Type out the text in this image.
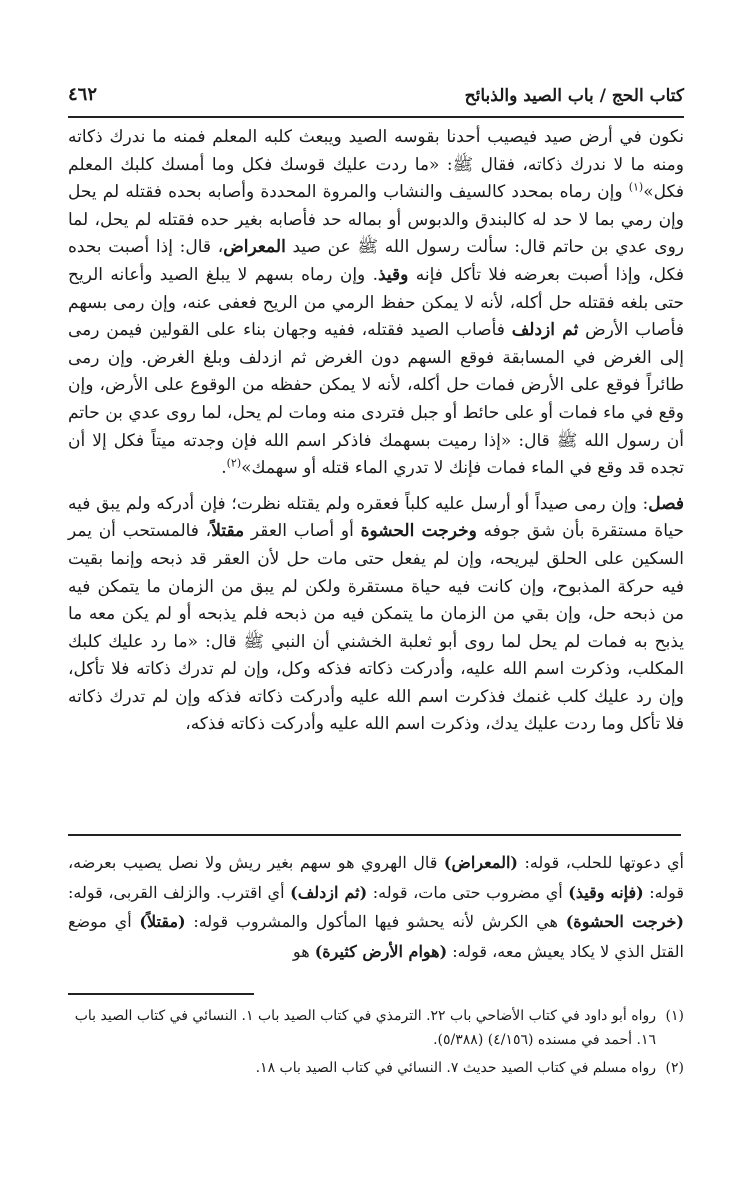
كتاب الحج / باب الصيد والذبائح
٤٦٢

نكون في أرض صيد فيصيب أحدنا بقوسه الصيد ويبعث كلبه المعلم فمنه ما ندرك ذكاته ومنه ما لا ندرك ذكاته، فقال ﷺ: «ما ردت عليك قوسك فكل وما أمسك كلبك المعلم فكل»$^{(١)}$ وإن رماه بمحدد كالسيف والنشاب والمروة المحددة وأصابه بحده فقتله لم يحل وإن رمي بما لا حد له كالبندق والدبوس أو بماله حد فأصابه بغير حده فقتله لم يحل، لما روى عدي بن حاتم قال: سألت رسول الله ﷺ عن صيد المعراض، قال: إذا أصبت بحده فكل، وإذا أصبت بعرضه فلا تأكل فإنه وقيذ. وإن رماه بسهم لا يبلغ الصيد وأعانه الريح حتى بلغه فقتله حل أكله، لأنه لا يمكن حفظ الرمي من الريح فعفى عنه، وإن رمى بسهم فأصاب الأرض ثم ازدلف فأصاب الصيد فقتله، ففيه وجهان بناء على القولين فيمن رمى إلى الغرض في المسابقة فوقع السهم دون الغرض ثم ازدلف وبلغ الغرض. وإن رمى طائراً فوقع على الأرض فمات حل أكله، لأنه لا يمكن حفظه من الوقوع على الأرض، وإن وقع في ماء فمات أو على حائط أو جبل فتردى منه ومات لم يحل، لما روى عدي بن حاتم أن رسول الله ﷺ قال: «إذا رميت بسهمك فاذكر اسم الله فإن وجدته ميتاً فكل إلا أن تجده قد وقع في الماء فمات فإنك لا تدري الماء قتله أو سهمك»$^{(٢)}$.

فصل: وإن رمى صيداً أو أرسل عليه كلباً فعقره ولم يقتله نظرت؛ فإن أدركه ولم يبق فيه حياة مستقرة بأن شق جوفه وخرجت الحشوة أو أصاب العقر مقتلاً، فالمستحب أن يمر السكين على الحلق ليريحه، وإن لم يفعل حتى مات حل لأن العقر قد ذبحه وإنما بقيت فيه حركة المذبوح، وإن كانت فيه حياة مستقرة ولكن لم يبق من الزمان ما يتمكن فيه من ذبحه حل، وإن بقي من الزمان ما يتمكن فيه من ذبحه فلم يذبحه أو لم يكن معه ما يذبح به فمات لم يحل لما روى أبو ثعلبة الخشني أن النبي ﷺ قال: «ما رد عليك كلبك المكلب، وذكرت اسم الله عليه، وأدركت ذكاته فذكه وكل، وإن لم تدرك ذكاته فلا تأكل، وإن رد عليك كلب غنمك فذكرت اسم الله عليه وأدركت ذكاته فذكه وإن لم تدرك ذكاته فلا تأكل وما ردت عليك يدك، وذكرت اسم الله عليه وأدركت ذكاته فذكه،

أي دعوتها للحلب، قوله: (المعراض) قال الهروي هو سهم بغير ريش ولا نصل يصيب بعرضه، قوله: (فإنه وقيذ) أي مضروب حتى مات، قوله: (ثم ازدلف) أي اقترب. والزلف القربى، قوله: (خرجت الحشوة) هي الكرش لأنه يحشو فيها المأكول والمشروب قوله: (مقتلاً) أي موضع القتل الذي لا يكاد يعيش معه، قوله: (هوام الأرض كثيرة) هو
(١)
رواه أبو داود في كتاب الأضاحي باب ٢٢. الترمذي في كتاب الصيد باب ١. النسائي في كتاب الصيد باب ١٦. أحمد في مسنده (٤/١٥٦) (٥/٣٨٨).
(٢)
رواه مسلم في كتاب الصيد حديث ٧. النسائي في كتاب الصيد باب ١٨.
